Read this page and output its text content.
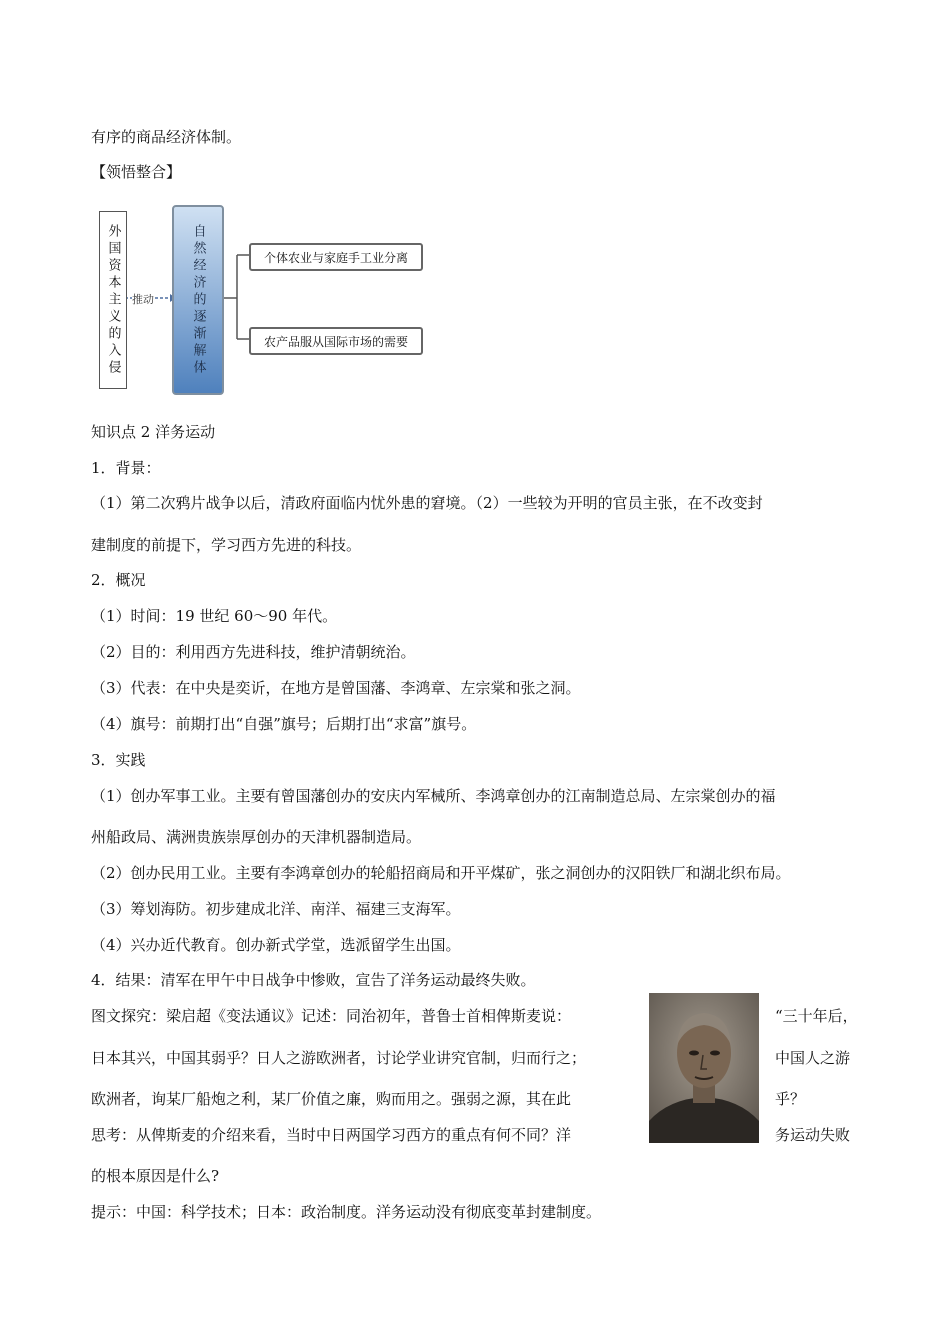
有序的商品经济体制。
【领悟整合】
外国资本主义的入侵 推动	自然经济的逐渐解体	个体农业与家庭手工业分离
农产品服从国际市场的需要
知识点 2 洋务运动
1．背景：
（1）第二次鸦片战争以后，清政府面临内忧外患的窘境。（2）一些较为开明的官员主张，在不改变封
建制度的前提下，学习西方先进的科技。
2．概况
（1）时间：19 世纪 60～90 年代。
（2）目的：利用西方先进科技，维护清朝统治。
（3）代表：在中央是奕䜣，在地方是曾国藩、李鸿章、左宗棠和张之洞。
（4）旗号：前期打出“自强”旗号；后期打出“求富”旗号。
3．实践
（1）创办军事工业。主要有曾国藩创办的安庆内军械所、李鸿章创办的江南制造总局、左宗棠创办的福
州船政局、满洲贵族崇厚创办的天津机器制造局。
（2）创办民用工业。主要有李鸿章创办的轮船招商局和开平煤矿，张之洞创办的汉阳铁厂和湖北织布局。
（3）筹划海防。初步建成北洋、南洋、福建三支海军。
（4）兴办近代教育。创办新式学堂，选派留学生出国。
4．结果：清军在甲午中日战争中惨败，宣告了洋务运动最终失败。
图文探究：梁启超《变法通议》记述：同治初年，普鲁士首相俾斯麦说：	“三十年后，
日本其兴，中国其弱乎？日人之游欧洲者，讨论学业讲究官制，归而行之；	中国人之游
欧洲者，询某厂船炮之利，某厂价值之廉，购而用之。强弱之源，其在此	乎？
思考：从俾斯麦的介绍来看，当时中日两国学习西方的重点有何不同？洋	务运动失败
的根本原因是什么?
提示：中国：科学技术；日本：政治制度。洋务运动没有彻底变革封建制度。
